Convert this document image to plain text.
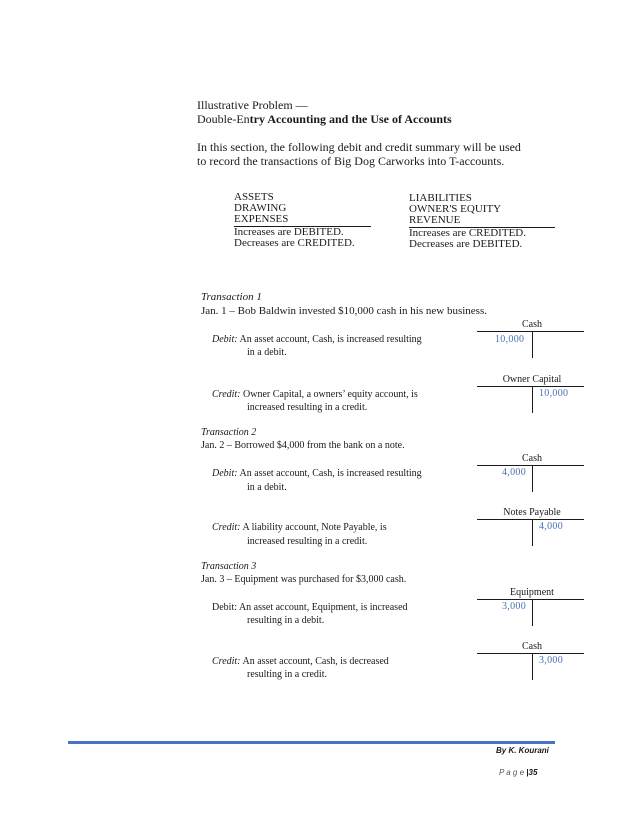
Illustrative Problem —
Double-Entry Accounting and the Use of Accounts
In this section, the following debit and credit summary will be used
to record the transactions of Big Dog Carworks into T-accounts.
ASSETS
DRAWING
EXPENSES
Increases are DEBITED.
Decreases are CREDITED.
LIABILITIES
OWNER'S EQUITY
REVENUE
Increases are CREDITED.
Decreases are DEBITED.
Transaction 1
Jan. 1 – Bob Baldwin invested $10,000 cash in his new business.
Debit: An asset account, Cash, is increased resulting
in a debit.
Cash
10,000
Credit: Owner Capital, a owners’ equity account, is
increased resulting in a credit.
Owner Capital
10,000
Transaction 2
Jan. 2 – Borrowed $4,000 from the bank on a note.
Debit: An asset account, Cash, is increased resulting
in a debit.
Cash
4,000
Credit: A liability account, Note Payable, is
increased resulting in a credit.
Notes Payable
4,000
Transaction 3
Jan. 3 – Equipment was purchased for $3,000 cash.
Debit: An asset account, Equipment, is increased
resulting in a debit.
Equipment
3,000
Credit: An asset account, Cash, is decreased
resulting in a credit.
Cash
3,000
By K. Kourani
P a g e |35
